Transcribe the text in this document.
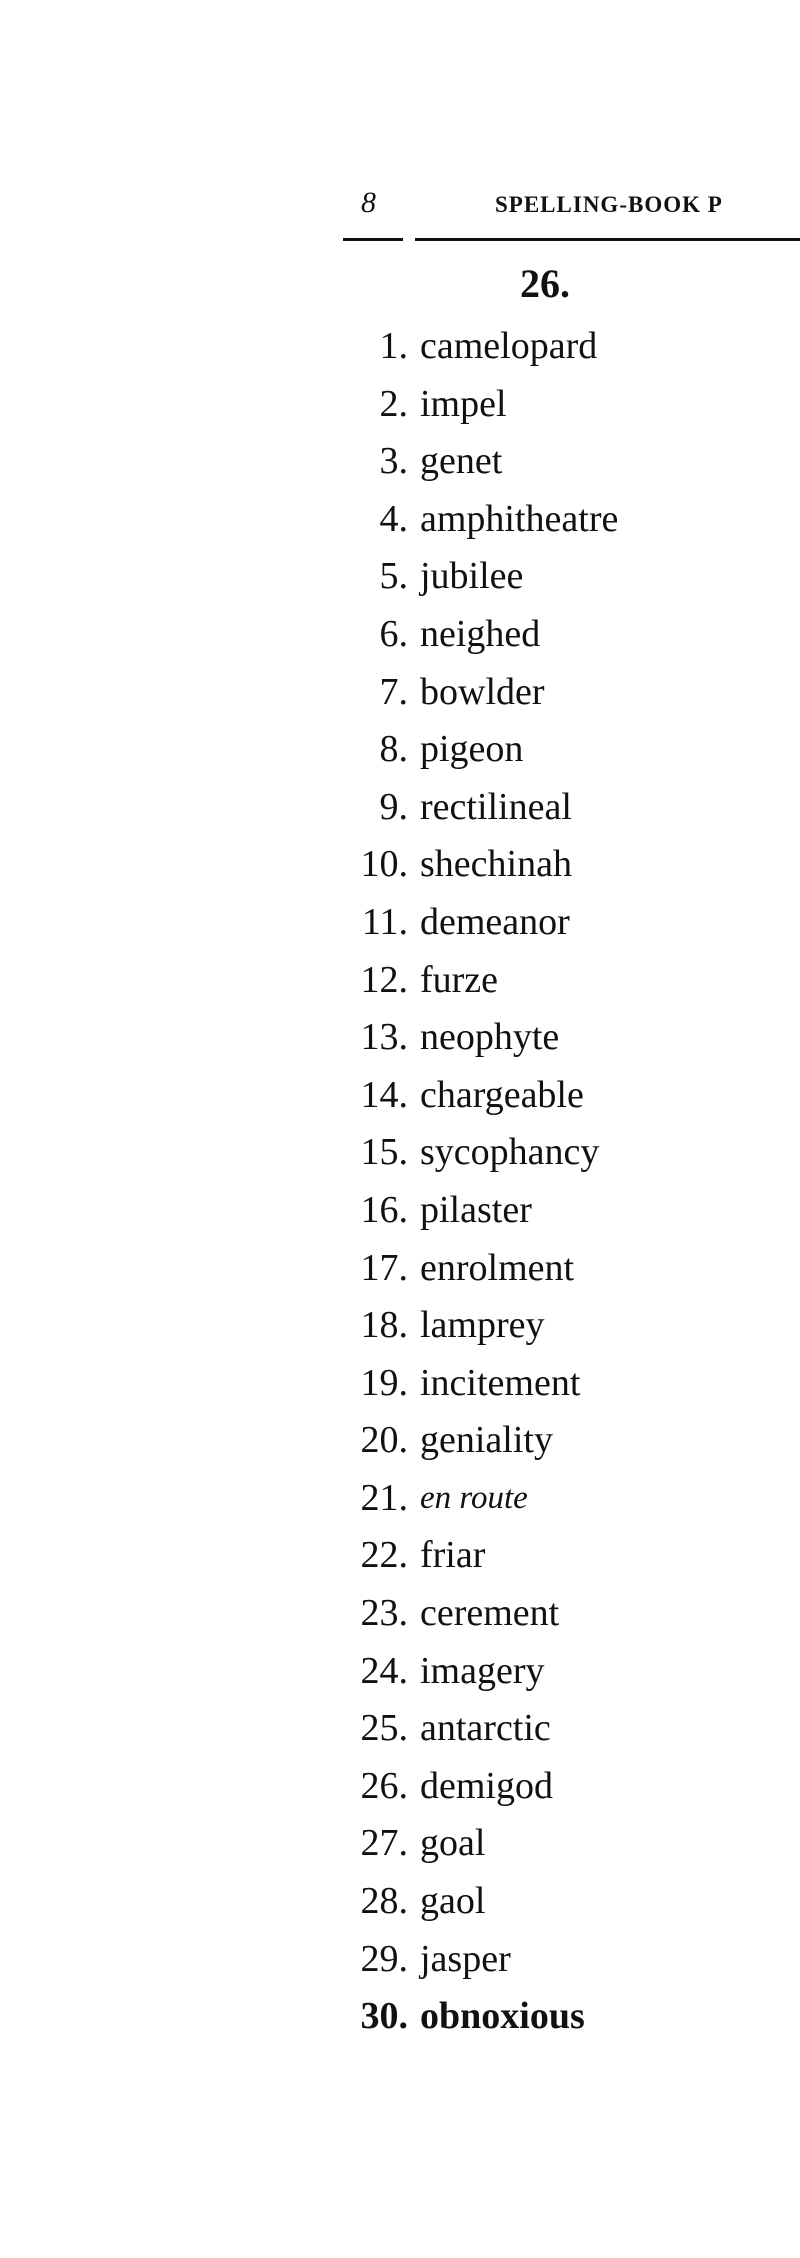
8	SPELLING-BOOK P
26.
1. camelopard
2. impel
3. genet
4. amphitheatre
5. jubilee
6. neighed
7. bowlder
8. pigeon
9. rectilineal
10. shechinah
11. demeanor
12. furze
13. neophyte
14. chargeable
15. sycophancy
16. pilaster
17. enrolment
18. lamprey
19. incitement
20. geniality
21. en route
22. friar
23. cerement
24. imagery
25. antarctic
26. demigod
27. goal
28. gaol
29. jasper
30. obnoxious
